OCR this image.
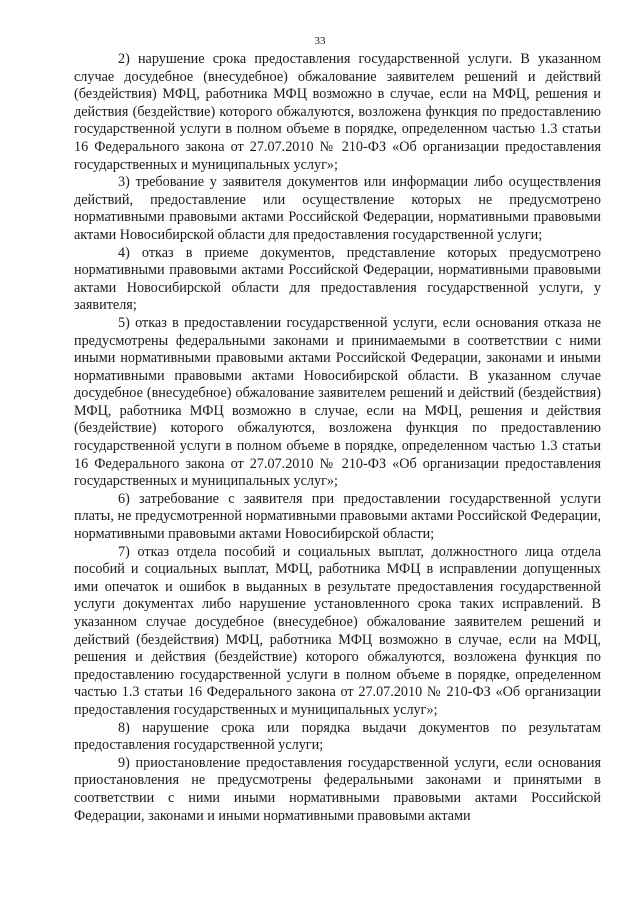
33

2) нарушение срока предоставления государственной услуги. В указанном случае досудебное (внесудебное) обжалование заявителем решений и действий (бездействия) МФЦ, работника МФЦ возможно в случае, если на МФЦ, решения и действия (бездействие) которого обжалуются, возложена функция по предоставлению государственной услуги в полном объеме в порядке, определенном частью 1.3 статьи 16 Федерального закона от 27.07.2010 № 210-ФЗ «Об организации предоставления государственных и муниципальных услуг»;

3) требование у заявителя документов или информации либо осуществления действий, предоставление или осуществление которых не предусмотрено нормативными правовыми актами Российской Федерации, нормативными правовыми актами Новосибирской области для предоставления государственной услуги;

4) отказ в приеме документов, представление которых предусмотрено нормативными правовыми актами Российской Федерации, нормативными правовыми актами Новосибирской области для предоставления государственной услуги, у заявителя;

5) отказ в предоставлении государственной услуги, если основания отказа не предусмотрены федеральными законами и принимаемыми в соответствии с ними иными нормативными правовыми актами Российской Федерации, законами и иными нормативными правовыми актами Новосибирской области. В указанном случае досудебное (внесудебное) обжалование заявителем решений и действий (бездействия) МФЦ, работника МФЦ возможно в случае, если на МФЦ, решения и действия (бездействие) которого обжалуются, возложена функция по предоставлению государственной услуги в полном объеме в порядке, определенном частью 1.3 статьи 16 Федерального закона от 27.07.2010 № 210-ФЗ «Об организации предоставления государственных и муниципальных услуг»;

6) затребование с заявителя при предоставлении государственной услуги платы, не предусмотренной нормативными правовыми актами Российской Федерации, нормативными правовыми актами Новосибирской области;

7) отказ отдела пособий и социальных выплат, должностного лица отдела пособий и социальных выплат, МФЦ, работника МФЦ в исправлении допущенных ими опечаток и ошибок в выданных в результате предоставления государственной услуги документах либо нарушение установленного срока таких исправлений. В указанном случае досудебное (внесудебное) обжалование заявителем решений и действий (бездействия) МФЦ, работника МФЦ возможно в случае, если на МФЦ, решения и действия (бездействие) которого обжалуются, возложена функция по предоставлению государственной услуги в полном объеме в порядке, определенном частью 1.3 статьи 16 Федерального закона от 27.07.2010 № 210-ФЗ «Об организации предоставления государственных и муниципальных услуг»;

8) нарушение срока или порядка выдачи документов по результатам предоставления государственной услуги;

9) приостановление предоставления государственной услуги, если основания приостановления не предусмотрены федеральными законами и принятыми в соответствии с ними иными нормативными правовыми актами Российской Федерации, законами и иными нормативными правовыми актами
